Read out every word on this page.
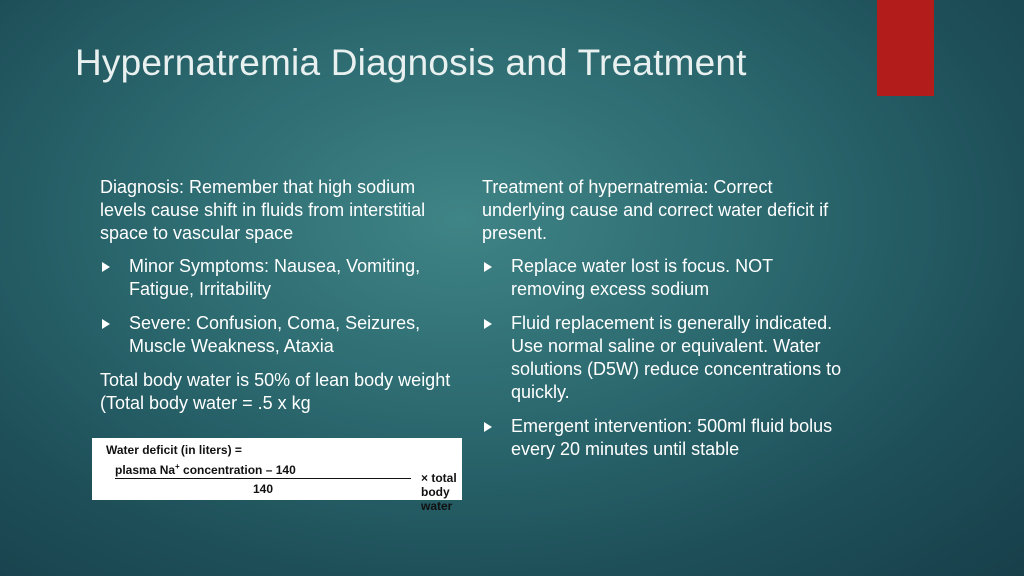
Hypernatremia Diagnosis and Treatment

Diagnosis: Remember that high sodium levels cause shift in fluids from interstitial space to vascular space

Minor Symptoms: Nausea, Vomiting, Fatigue, Irritability
Severe: Confusion, Coma, Seizures, Muscle Weakness, Ataxia

Total body water is 50% of lean body weight (Total body water = .5 x kg

Water deficit (in liters) =
plasma Na+ concentration – 140
140
× total body water

Treatment of hypernatremia: Correct underlying cause and correct water deficit if present.

Replace water lost is focus. NOT removing excess sodium
Fluid replacement is generally indicated. Use normal saline or equivalent. Water solutions (D5W) reduce concentrations to quickly.
Emergent intervention: 500ml fluid bolus every 20 minutes until stable
